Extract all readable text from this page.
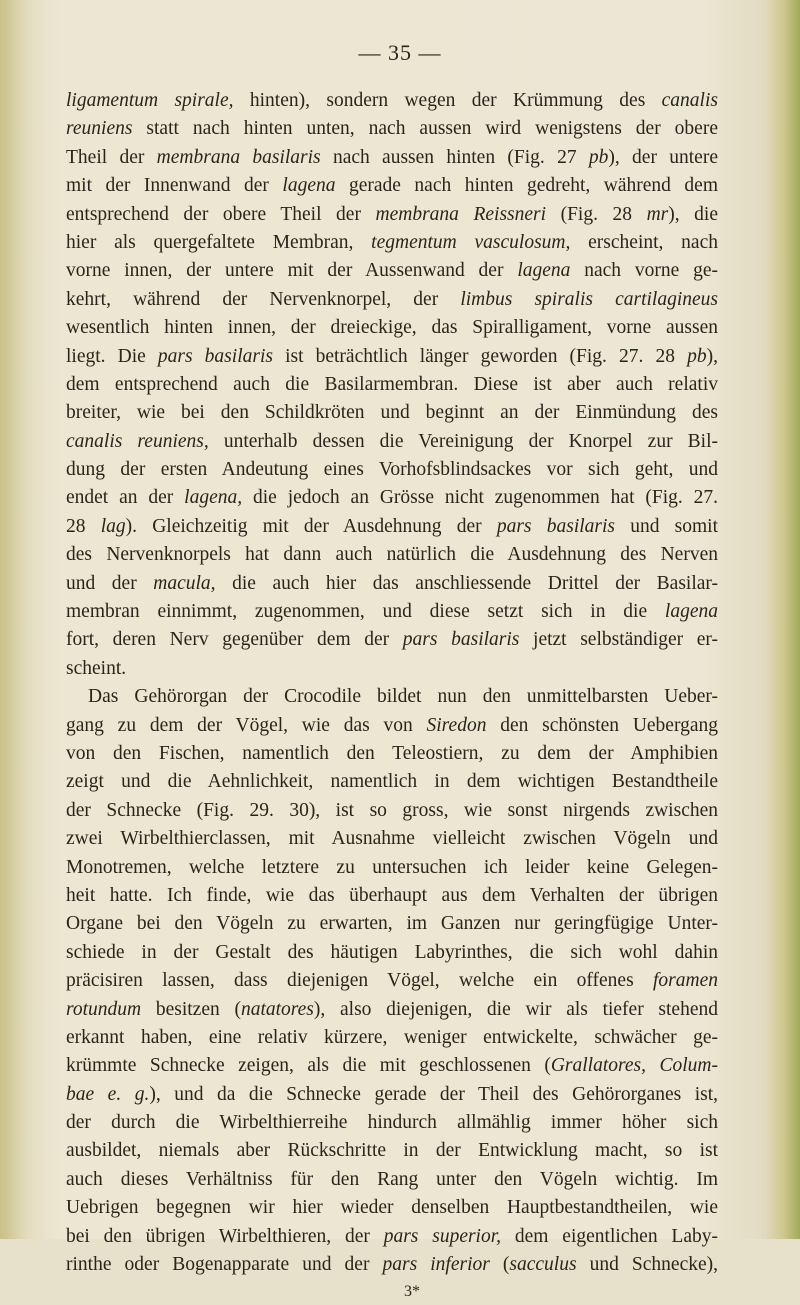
— 35 —
ligamentum spirale, hinten), sondern wegen der Krümmung des canalis
reuniens statt nach hinten unten, nach aussen wird wenigstens der obere
Theil der membrana basilaris nach aussen hinten (Fig. 27 pb), der untere
mit der Innenwand der lagena gerade nach hinten gedreht, während dem
entsprechend der obere Theil der membrana Reissneri (Fig. 28 mr), die
hier als quergefaltete Membran, tegmentum vasculosum, erscheint, nach
vorne innen, der untere mit der Aussenwand der lagena nach vorne ge-
kehrt, während der Nervenknorpel, der limbus spiralis cartilagineus
wesentlich hinten innen, der dreieckige, das Spiralligament, vorne aussen
liegt. Die pars basilaris ist beträchtlich länger geworden (Fig. 27. 28 pb),
dem entsprechend auch die Basilarmembran. Diese ist aber auch relativ
breiter, wie bei den Schildkröten und beginnt an der Einmündung des
canalis reuniens, unterhalb dessen die Vereinigung der Knorpel zur Bil-
dung der ersten Andeutung eines Vorhofsblindsackes vor sich geht, und
endet an der lagena, die jedoch an Grösse nicht zugenommen hat (Fig. 27.
28 lag). Gleichzeitig mit der Ausdehnung der pars basilaris und somit
des Nervenknorpels hat dann auch natürlich die Ausdehnung des Nerven
und der macula, die auch hier das anschliessende Drittel der Basilar-
membran einnimmt, zugenommen, und diese setzt sich in die lagena
fort, deren Nerv gegenüber dem der pars basilaris jetzt selbständiger er-
scheint.
Das Gehörorgan der Crocodile bildet nun den unmittelbarsten Ueber-
gang zu dem der Vögel, wie das von Siredon den schönsten Uebergang
von den Fischen, namentlich den Teleostiern, zu dem der Amphibien
zeigt und die Aehnlichkeit, namentlich in dem wichtigen Bestandtheile
der Schnecke (Fig. 29. 30), ist so gross, wie sonst nirgends zwischen
zwei Wirbelthierclassen, mit Ausnahme vielleicht zwischen Vögeln und
Monotremen, welche letztere zu untersuchen ich leider keine Gelegen-
heit hatte. Ich finde, wie das überhaupt aus dem Verhalten der übrigen
Organe bei den Vögeln zu erwarten, im Ganzen nur geringfügige Unter-
schiede in der Gestalt des häutigen Labyrinthes, die sich wohl dahin
präcisiren lassen, dass diejenigen Vögel, welche ein offenes foramen
rotundum besitzen (natatores), also diejenigen, die wir als tiefer stehend
erkannt haben, eine relativ kürzere, weniger entwickelte, schwächer ge-
krümmte Schnecke zeigen, als die mit geschlossenen (Grallatores, Colum-
bae e. g.), und da die Schnecke gerade der Theil des Gehörorganes ist,
der durch die Wirbelthierreihe hindurch allmählig immer höher sich
ausbildet, niemals aber Rückschritte in der Entwicklung macht, so ist
auch dieses Verhältniss für den Rang unter den Vögeln wichtig. Im
Uebrigen begegnen wir hier wieder denselben Hauptbestandtheilen, wie
bei den übrigen Wirbelthieren, der pars superior, dem eigentlichen Laby-
rinthe oder Bogenapparate und der pars inferior (sacculus und Schnecke),
3*
